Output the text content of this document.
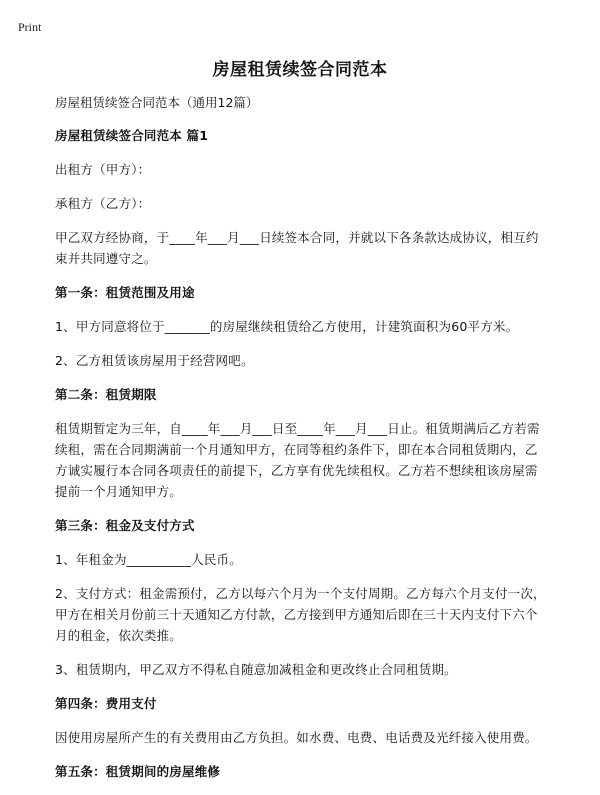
Print
房屋租赁续签合同范本

房屋租赁续签合同范本（通用12篇）

房屋租赁续签合同范本 篇1

出租方（甲方）：

承租方（乙方）：

甲乙双方经协商，于____年___月___日续签本合同，并就以下各条款达成协议，相互约束并共同遵守之。

第一条：租赁范围及用途

1、甲方同意将位于_______的房屋继续租赁给乙方使用，计建筑面积为60平方米。

2、乙方租赁该房屋用于经营网吧。

第二条：租赁期限

租赁期暂定为三年，自____年___月___日至____年___月___日止。租赁期满后乙方若需续租，需在合同期满前一个月通知甲方，在同等租约条件下，即在本合同租赁期内，乙方诚实履行本合同各项责任的前提下，乙方享有优先续租权。乙方若不想续租该房屋需提前一个月通知甲方。

第三条：租金及支付方式

1、年租金为__________人民币。

2、支付方式：租金需预付，乙方以每六个月为一个支付周期。乙方每六个月支付一次，甲方在相关月份前三十天通知乙方付款，乙方接到甲方通知后即在三十天内支付下六个月的租金，依次类推。

3、租赁期内，甲乙双方不得私自随意加减租金和更改终止合同租赁期。

第四条：费用支付

因使用房屋所产生的有关费用由乙方负担。如水费、电费、电话费及光纤接入使用费。

第五条：租赁期间的房屋维修
